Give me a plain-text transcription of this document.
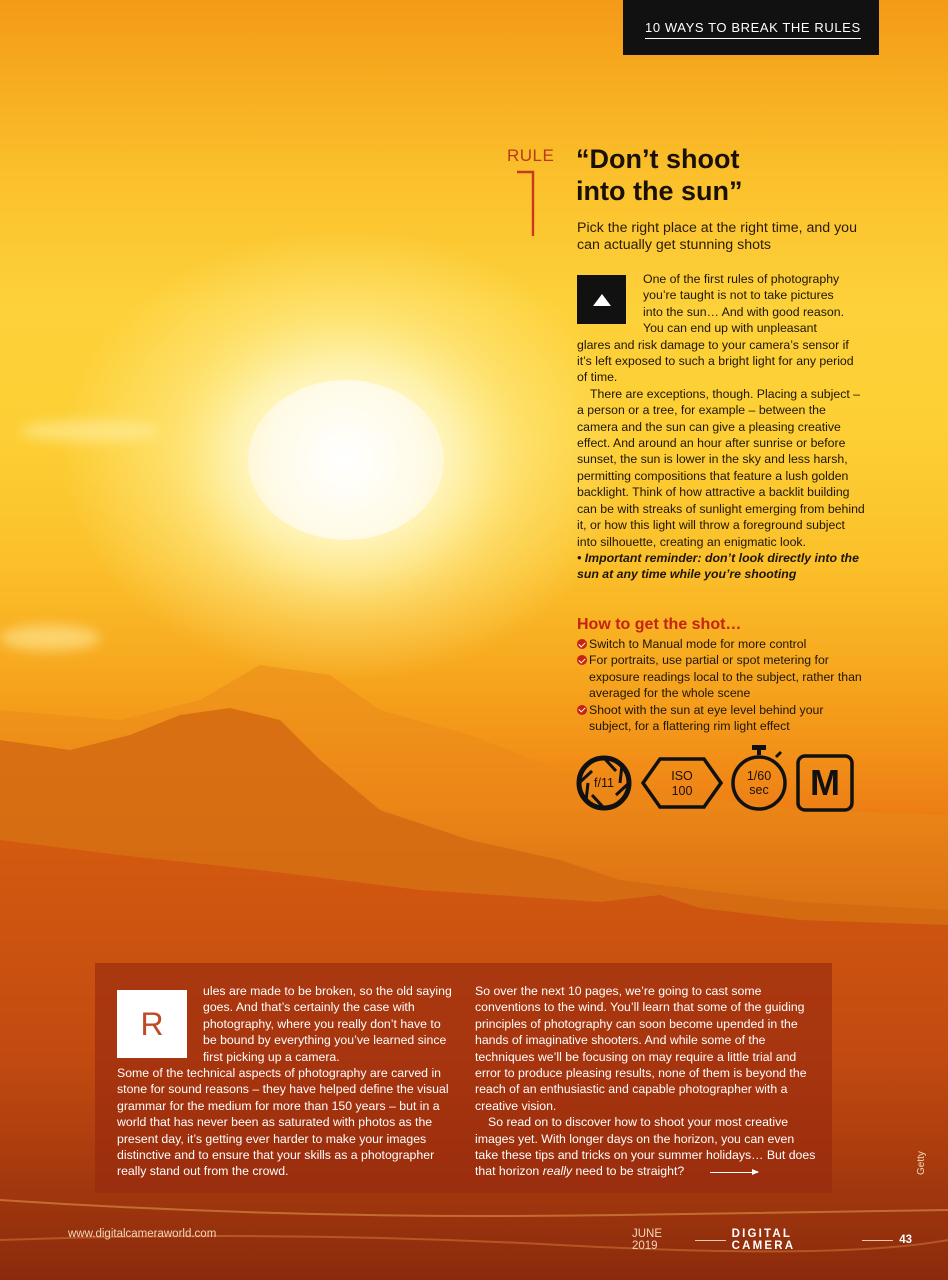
10 WAYS TO BREAK THE RULES
RULE “Don’t shoot
into the sun”
Pick the right place at the right time, and you can actually get stunning shots

One of the first rules of photography

you’re taught is not to take pictures

into the sun… And with good reason.

You can end up with unpleasant

glares and risk damage to your camera’s sensor if it’s left exposed to such a bright light for any period of time.

There are exceptions, though. Placing a subject – a person or a tree, for example – between the camera and the sun can give a pleasing creative effect. And around an hour after sunrise or before sunset, the sun is lower in the sky and less harsh, permitting compositions that feature a lush golden backlight. Think of how attractive a backlit building can be with streaks of sunlight emerging from behind it, or how this light will throw a foreground subject into silhouette, creating an enigmatic look.

• Important reminder: don’t look directly into the sun at any time while you’re shooting

How to get the shot…
Switch to Manual mode for more control
For portraits, use partial or spot metering for exposure readings local to the subject, rather than averaged for the whole scene
Shoot with the sun at eye level behind your subject, for a flattering rim light effect
f/11	ISO
100
1/60
sec	M
R
ules are made to be broken, so the old saying goes. And that’s certainly the case with photography, where you really don’t have to be bound by everything you’ve learned since first picking up a camera.
Some of the technical aspects of photography are carved in stone for sound reasons – they have helped define the visual grammar for the medium for more than 150 years – but in a world that has never been as saturated with photos as the present day, it’s getting ever harder to make your images distinctive and to ensure that your skills as a photographer really stand out from the crowd.

So over the next 10 pages, we’re going to cast some conventions to the wind. You’ll learn that some of the guiding principles of photography can soon become upended in the hands of imaginative shooters. And while some of the techniques we’ll be focusing on may require a little trial and error to produce pleasing results, none of them is beyond the reach of an enthusiastic and capable photographer with a creative vision.

So read on to discover how to shoot your most creative images yet. With longer days on the horizon, you can even take these tips and tricks on your summer holidays… But does that horizon really need to be straight?	Getty
www.digitalcameraworld.com	JUNE 2019
DIGITAL CAMERA	43
